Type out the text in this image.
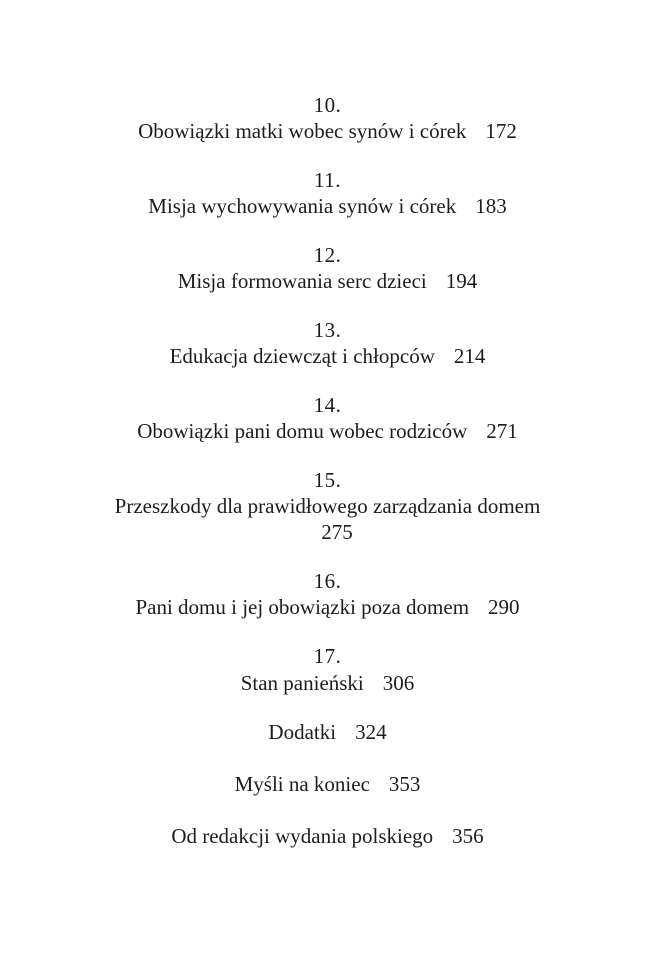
10.
Obowiązki matki wobec synów i córek 172
11.
Misja wychowywania synów i córek 183
12.
Misja formowania serc dzieci 194
13.
Edukacja dziewcząt i chłopców 214
14.
Obowiązki pani domu wobec rodziców 271
15.
Przeszkody dla prawidłowego zarządzania domem275
16.
Pani domu i jej obowiązki poza domem 290
17.
Stan panieński 306
Dodatki 324
Myśli na koniec 353
Od redakcji wydania polskiego 356
